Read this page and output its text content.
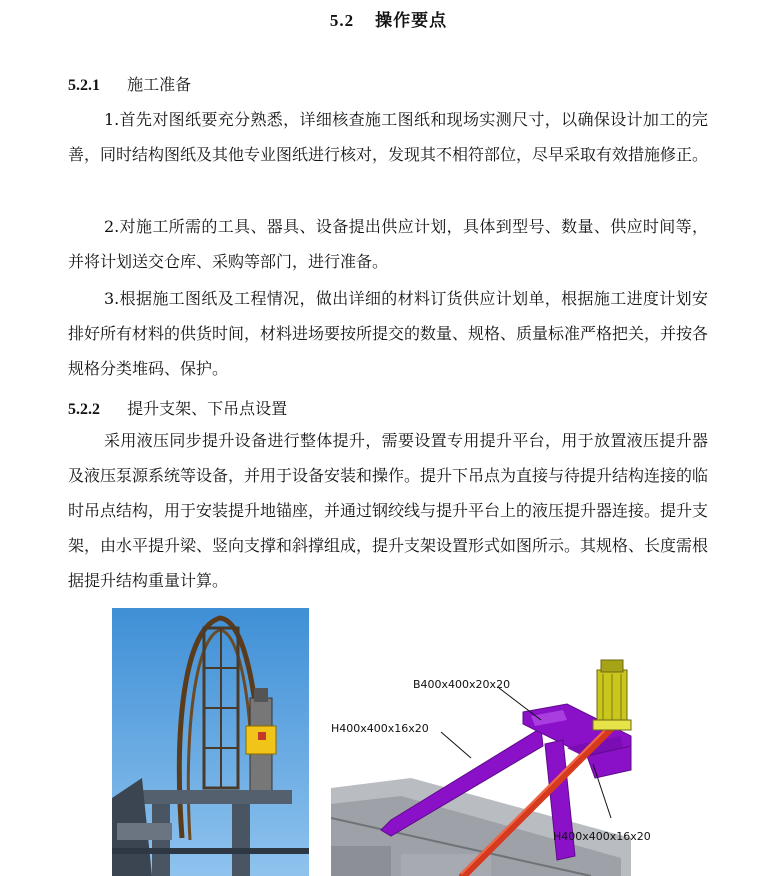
5.2 操作要点
5.2.1 施工准备
1.首先对图纸要充分熟悉，详细核查施工图纸和现场实测尺寸，以确保设计加工的完善，同时结构图纸及其他专业图纸进行核对，发现其不相符部位，尽早采取有效措施修正。
2.对施工所需的工具、器具、设备提出供应计划，具体到型号、数量、供应时间等，并将计划送交仓库、采购等部门，进行准备。
3.根据施工图纸及工程情况，做出详细的材料订货供应计划单，根据施工进度计划安排好所有材料的供货时间，材料进场要按所提交的数量、规格、质量标准严格把关，并按各规格分类堆码、保护。
5.2.2 提升支架、下吊点设置
采用液压同步提升设备进行整体提升，需要设置专用提升平台，用于放置液压提升器及液压泵源系统等设备，并用于设备安装和操作。提升下吊点为直接与待提升结构连接的临时吊点结构，用于安装提升地锚座，并通过钢绞线与提升平台上的液压提升器连接。提升支架，由水平提升梁、竖向支撑和斜撑组成，提升支架设置形式如图所示。其规格、长度需根据提升结构重量计算。
B400x400x20x20
H400x400x16x20
H400x400x16x20
